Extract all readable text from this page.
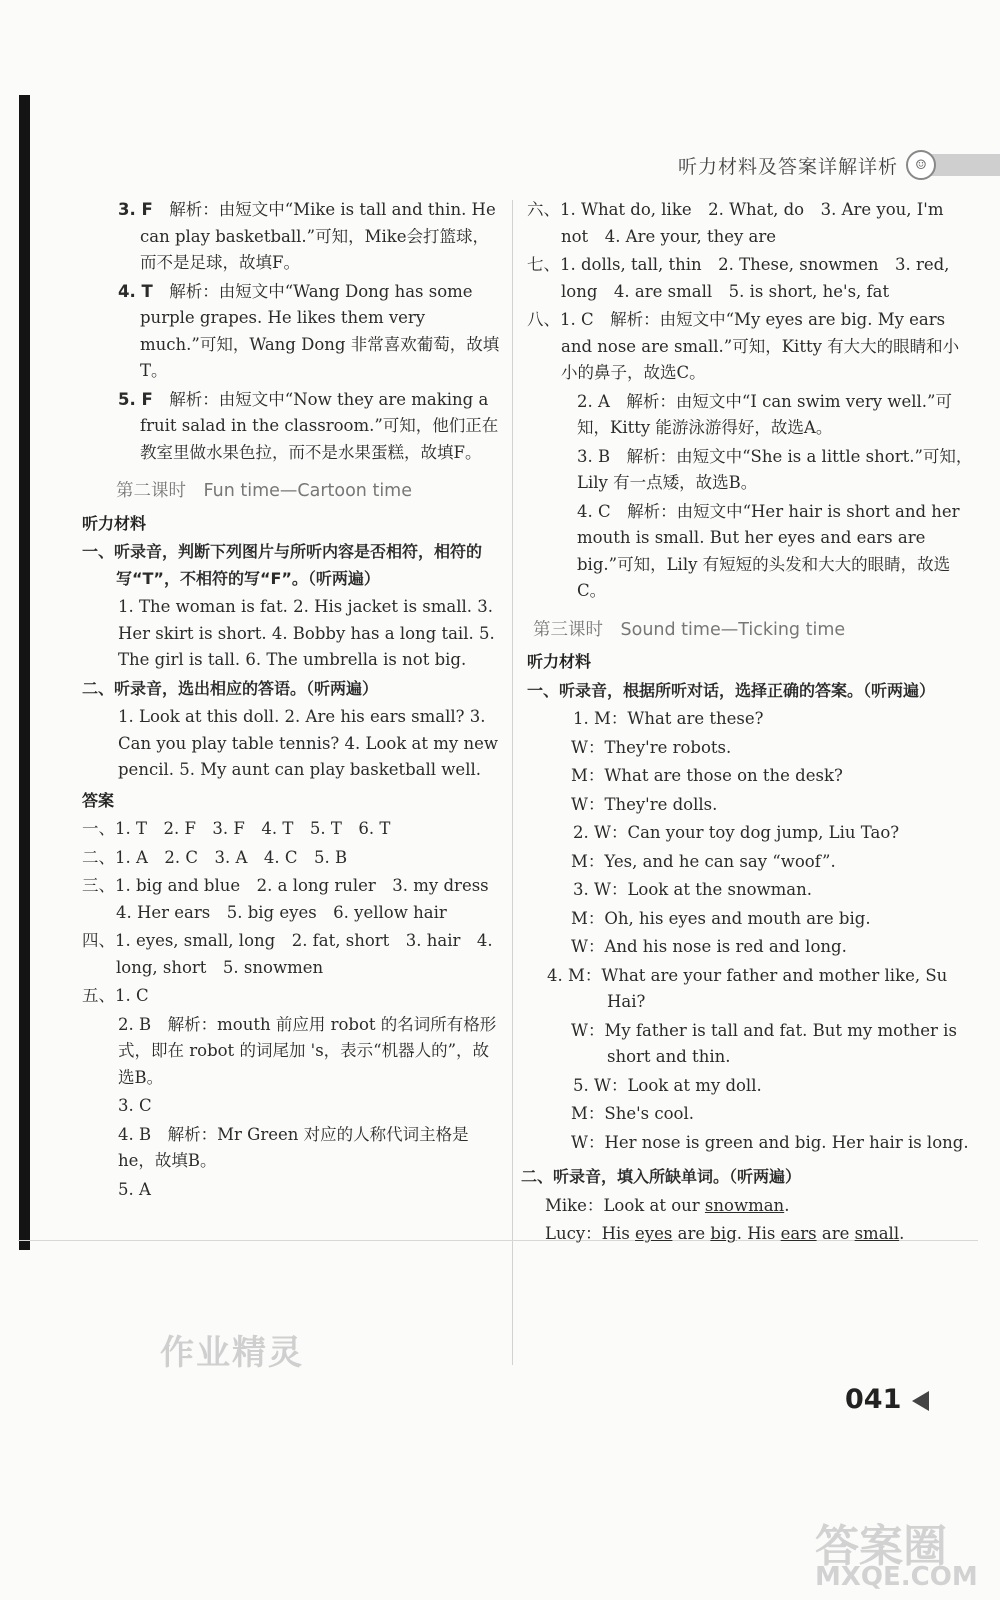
听力材料及答案详解详析	☺

3. F　 解析：由短文中“Mike is tall and thin. He can play basketball.”可知，Mike会打篮球，而不是足球，故填F。

4. T　 解析：由短文中“Wang Dong has some purple grapes. He likes them very much.”可知，Wang Dong 非常喜欢葡萄，故填T。

5. F　 解析：由短文中“Now they are making a fruit salad in the classroom.”可知，他们正在教室里做水果色拉，而不是水果蛋糕，故填F。

第二课时　Fun time—Cartoon time
听力材料

一、听录音，判断下列图片与所听内容是否相符，相符的写“T”，不相符的写“F”。（听两遍）

1. The woman is fat. 2. His jacket is small. 3. Her skirt is short. 4. Bobby has a long tail. 5. The girl is tall. 6. The umbrella is not big.

二、听录音，选出相应的答语。（听两遍）

1. Look at this doll. 2. Are his ears small? 3. Can you play table tennis? 4. Look at my new pencil. 5. My aunt can play basketball well.

答案

一、1. T　2. F　3. F　4. T　5. T　6. T

二、1. A　2. C　3. A　4. C　5. B

三、1. big and blue　2. a long ruler　3. my dress　4. Her ears　5. big eyes　6. yellow hair

四、1. eyes, small, long　2. fat, short　3. hair　4. long, short　5. snowmen

五、1. C

2. B　解析：mouth 前应用 robot 的名词所有格形式，即在 robot 的词尾加 's，表示“机器人的”，故选B。

3. C

4. B　解析：Mr Green 对应的人称代词主格是 he，故填B。

5. A

六、1. What do, like　2. What, do　3. Are you, I'm not　4. Are your, they are

七、1. dolls, tall, thin　2. These, snowmen　3. red, long　4. are small　5. is short, he's, fat

八、1. C　解析：由短文中“My eyes are big. My ears and nose are small.”可知，Kitty 有大大的眼睛和小小的鼻子，故选C。

2. A　解析：由短文中“I can swim very well.”可知，Kitty 能游泳游得好，故选A。

3. B　解析：由短文中“She is a little short.”可知，Lily 有一点矮，故选B。

4. C　解析：由短文中“Her hair is short and her mouth is small. But her eyes and ears are big.”可知，Lily 有短短的头发和大大的眼睛，故选C。

第三课时　Sound time—Ticking time
听力材料

一、听录音，根据所听对话，选择正确的答案。（听两遍）

1. M：What are these?

W：They're robots.

M：What are those on the desk?

W：They're dolls.

2. W：Can your toy dog jump, Liu Tao?

M：Yes, and he can say “woof”.

3. W：Look at the snowman.

M：Oh, his eyes and mouth are big.

W：And his nose is red and long.

4. M：What are your father and mother like, Su Hai?

W：My father is tall and fat. But my mother is short and thin.

5. W：Look at my doll.

M：She's cool.

W：Her nose is green and big. Her hair is long.

二、听录音，填入所缺单词。（听两遍）

Mike：Look at our snowman.

Lucy：His eyes are big. His ears are small.

041
作业精灵
答案圈
MXQE.COM
